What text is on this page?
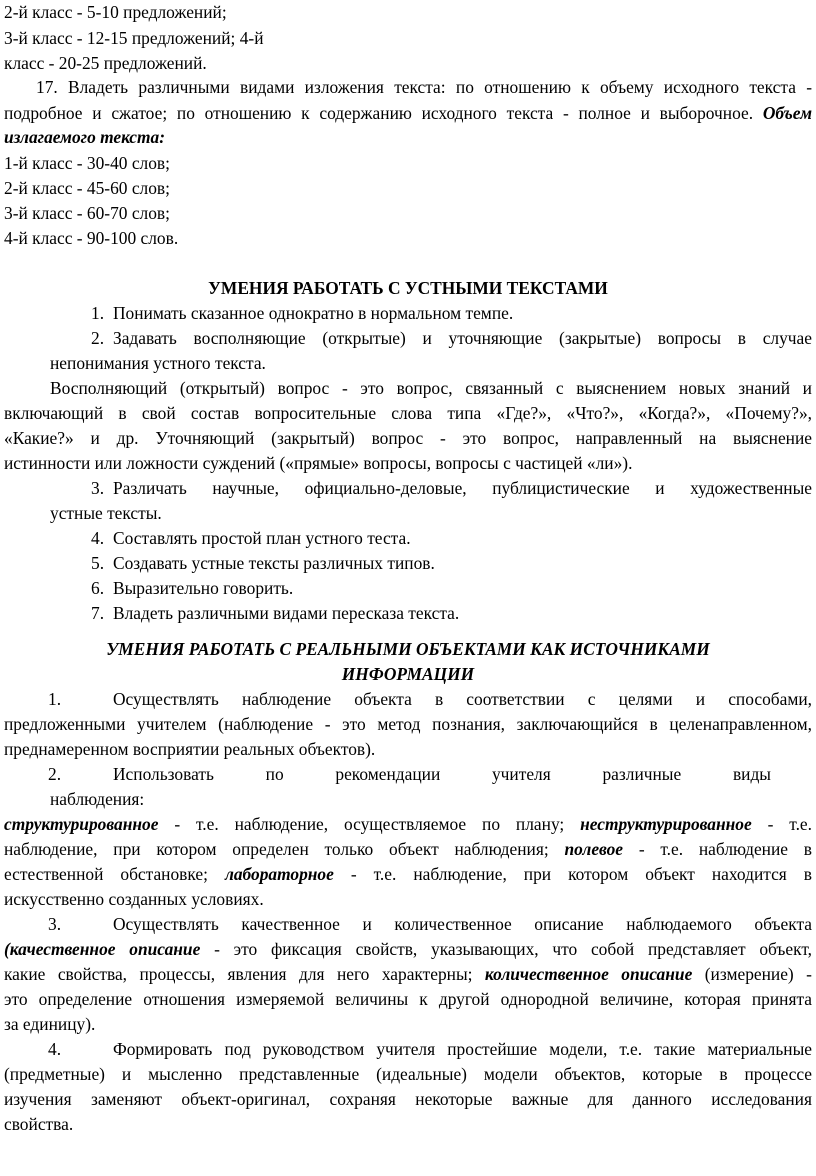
2-й класс - 5-10 предложений;
3-й класс - 12-15 предложений; 4-й
класс - 20-25 предложений.
17. Владеть различными видами изложения текста: по отношению к объему исходного текста -
подробное и сжатое; по отношению к содержанию исходного текста - полное и выборочное. Объем
излагаемого текста:
1-й класс - 30-40 слов;
2-й класс - 45-60 слов;
3-й класс - 60-70 слов;
4-й класс - 90-100 слов.
УМЕНИЯ РАБОТАТЬ С УСТНЫМИ ТЕКСТАМИ
1. Понимать сказанное однократно в нормальном темпе.
2. Задавать восполняющие (открытые) и уточняющие (закрытые) вопросы в случае
непонимания устного текста.
Восполняющий (открытый) вопрос - это вопрос, связанный с выяснением новых знаний и
включающий в свой состав вопросительные слова типа «Где?», «Что?», «Когда?», «Почему?»,
«Какие?» и др. Уточняющий (закрытый) вопрос - это вопрос, направленный на выяснение
истинности или ложности суждений («прямые» вопросы, вопросы с частицей «ли»).
3. Различать научные, официально-деловые, публицистические и художественные
устные тексты.
4. Составлять простой план устного теста.
5. Создавать устные тексты различных типов.
6. Выразительно говорить.
7. Владеть различными видами пересказа текста.
УМЕНИЯ РАБОТАТЬ С РЕАЛЬНЫМИ ОБЪЕКТАМИ КАК ИСТОЧНИКАМИ
ИНФОРМАЦИИ
1.	Осуществлять наблюдение объекта в соответствии с целями и способами,
предложенными учителем (наблюдение - это метод познания, заключающийся в целенаправленном,
преднамеренном восприятии реальных объектов).
2.	Использовать по рекомендации учителя различные виды
наблюдения:
структурированное - т.е. наблюдение, осуществляемое по плану; неструктурированное - т.е.
наблюдение, при котором определен только объект наблюдения; полевое - т.е. наблюдение в
естественной обстановке; лабораторное - т.е. наблюдение, при котором объект находится в
искусственно созданных условиях.
3.	Осуществлять качественное и количественное описание наблюдаемого объекта
(качественное описание - это фиксация свойств, указывающих, что собой представляет объект,
какие свойства, процессы, явления для него характерны; количественное описание (измерение) -
это определение отношения измеряемой величины к другой однородной величине, которая принята
за единицу).
4.	Формировать под руководством учителя простейшие модели, т.е. такие материальные
(предметные) и мысленно представленные (идеальные) модели объектов, которые в процессе
изучения заменяют объект-оригинал, сохраняя некоторые важные для данного исследования
свойства.
